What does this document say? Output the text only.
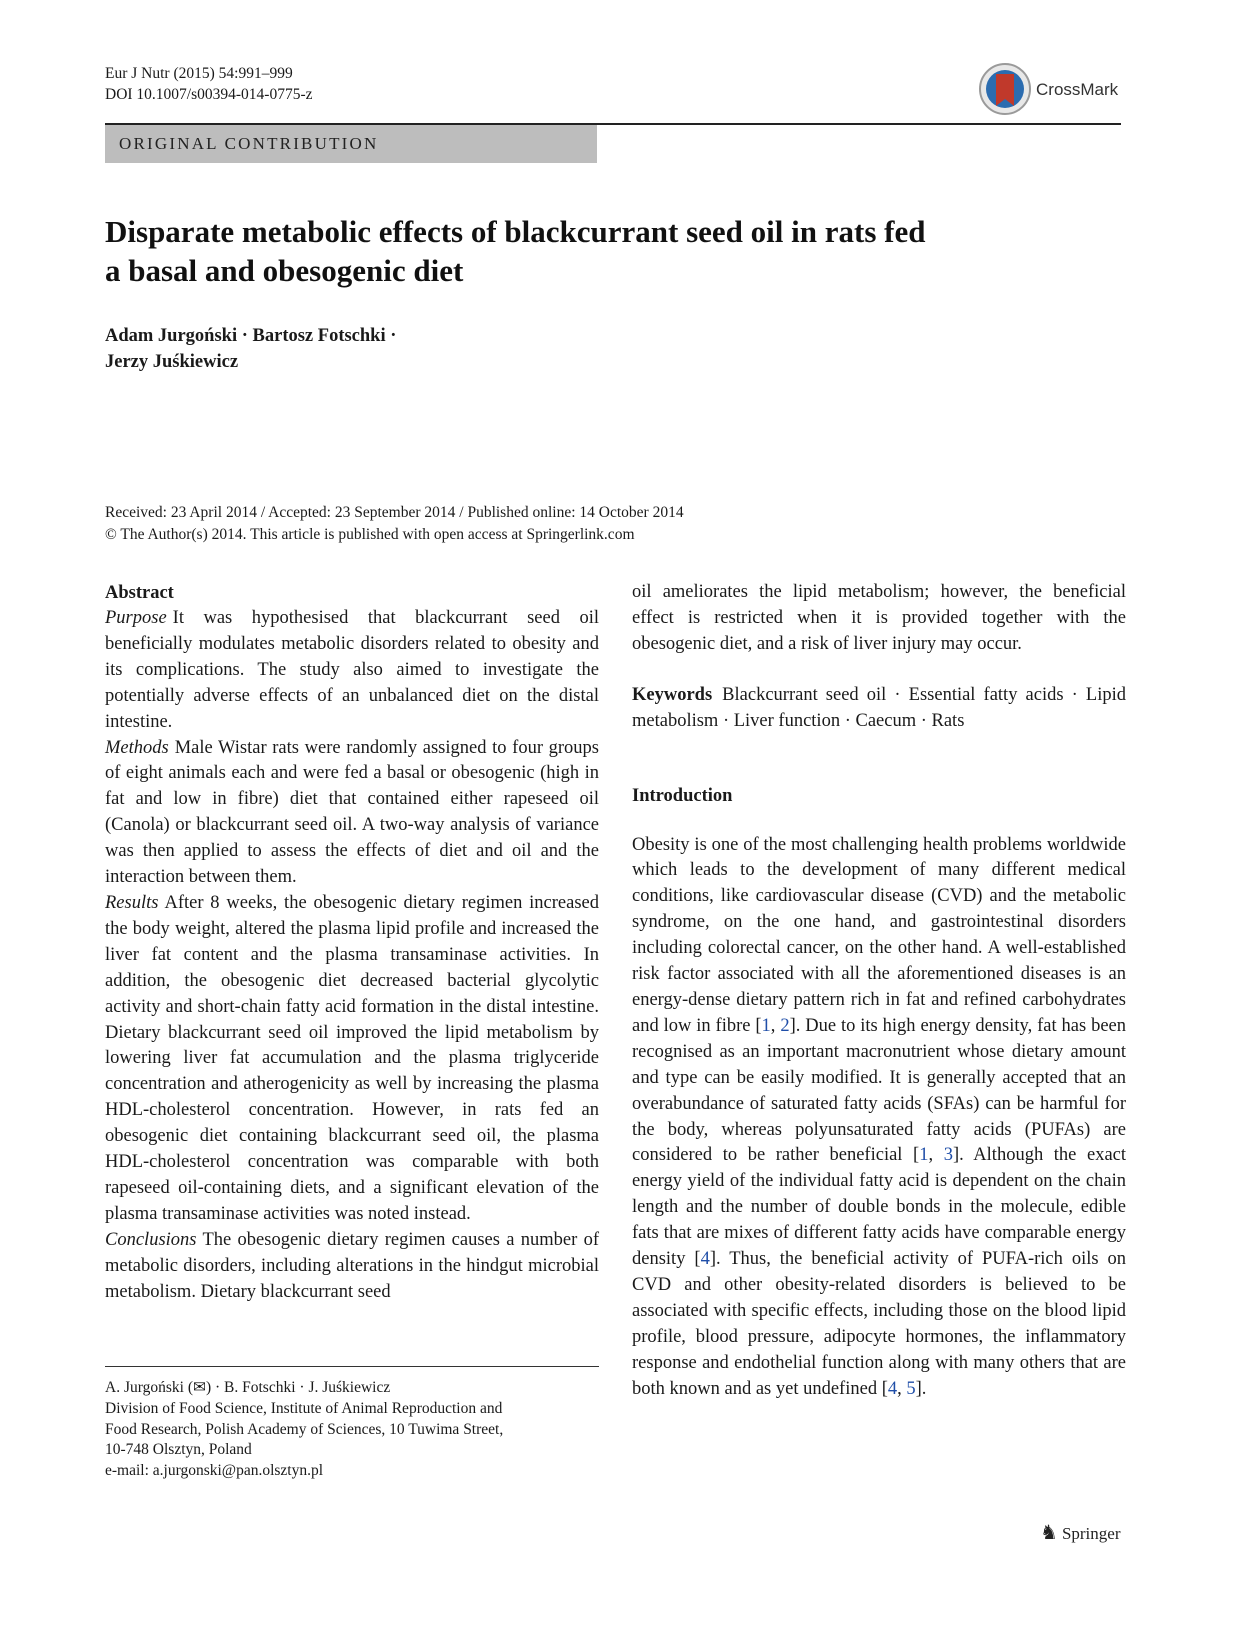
Eur J Nutr (2015) 54:991–999
DOI 10.1007/s00394-014-0775-z	CrossMark
ORIGINAL CONTRIBUTION
Disparate metabolic effects of blackcurrant seed oil in rats fed
a basal and obesogenic diet
Adam Jurgoński · Bartosz Fotschki ·
Jerzy Juśkiewicz
Received: 23 April 2014 / Accepted: 23 September 2014 / Published online: 14 October 2014
© The Author(s) 2014. This article is published with open access at Springerlink.com
Abstract

Purpose It was hypothesised that blackcurrant seed oil beneficially modulates metabolic disorders related to obesity and its complications. The study also aimed to investigate the potentially adverse effects of an unbalanced diet on the distal intestine.

Methods Male Wistar rats were randomly assigned to four groups of eight animals each and were fed a basal or obesogenic (high in fat and low in fibre) diet that contained either rapeseed oil (Canola) or blackcurrant seed oil. A two-way analysis of variance was then applied to assess the effects of diet and oil and the interaction between them.

Results After 8 weeks, the obesogenic dietary regimen increased the body weight, altered the plasma lipid profile and increased the liver fat content and the plasma transaminase activities. In addition, the obesogenic diet decreased bacterial glycolytic activity and short-chain fatty acid formation in the distal intestine. Dietary blackcurrant seed oil improved the lipid metabolism by lowering liver fat accumulation and the plasma triglyceride concentration and atherogenicity as well by increasing the plasma HDL-cholesterol concentration. However, in rats fed an obesogenic diet containing blackcurrant seed oil, the plasma HDL-cholesterol concentration was comparable with both rapeseed oil-containing diets, and a significant elevation of the plasma transaminase activities was noted instead.

Conclusions The obesogenic dietary regimen causes a number of metabolic disorders, including alterations in the hindgut microbial metabolism. Dietary blackcurrant seed

A. Jurgoński (✉) · B. Fotschki · J. Juśkiewicz
Division of Food Science, Institute of Animal Reproduction and
Food Research, Polish Academy of Sciences, 10 Tuwima Street,
10-748 Olsztyn, Poland
e-mail: a.jurgonski@pan.olsztyn.pl

oil ameliorates the lipid metabolism; however, the beneficial effect is restricted when it is provided together with the obesogenic diet, and a risk of liver injury may occur.

Keywords Blackcurrant seed oil · Essential fatty acids · Lipid metabolism · Liver function · Caecum · Rats

Introduction

Obesity is one of the most challenging health problems worldwide which leads to the development of many different medical conditions, like cardiovascular disease (CVD) and the metabolic syndrome, on the one hand, and gastrointestinal disorders including colorectal cancer, on the other hand. A well-established risk factor associated with all the aforementioned diseases is an energy-dense dietary pattern rich in fat and refined carbohydrates and low in fibre [1, 2]. Due to its high energy density, fat has been recognised as an important macronutrient whose dietary amount and type can be easily modified. It is generally accepted that an overabundance of saturated fatty acids (SFAs) can be harmful for the body, whereas polyunsaturated fatty acids (PUFAs) are considered to be rather beneficial [1, 3]. Although the exact energy yield of the individual fatty acid is dependent on the chain length and the number of double bonds in the molecule, edible fats that are mixes of different fatty acids have comparable energy density [4]. Thus, the beneficial activity of PUFA-rich oils on CVD and other obesity-related disorders is believed to be associated with specific effects, including those on the blood lipid profile, blood pressure, adipocyte hormones, the inflammatory response and endothelial function along with many others that are both known and as yet undefined [4, 5].

♞ Springer
